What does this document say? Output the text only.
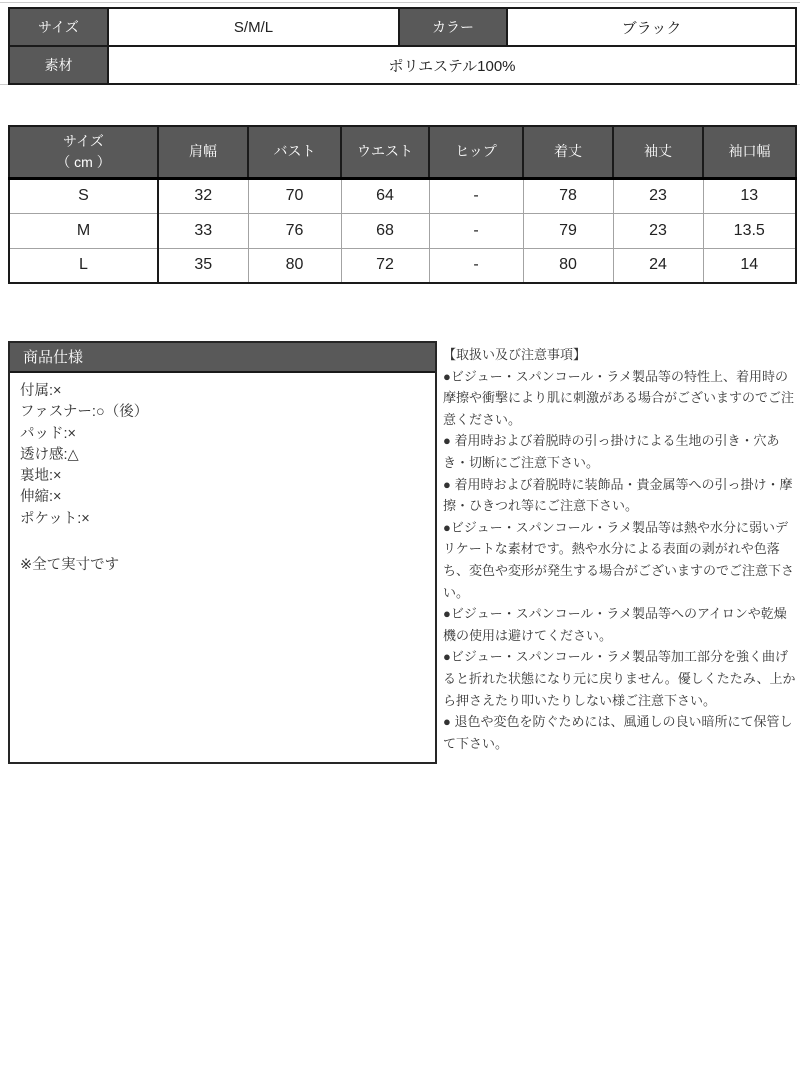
サイズ	S/M/L	カラー	ブラック
素材	ポリエステル100%		
サイズ
（ cm ）	肩幅	バスト	ウエスト	ヒップ	着丈	袖丈	袖口幅
S	32	70	64	-	78	23	13
M	33	76	68	-	79	23	13.5
L	35	80	72	-	80	24	14
商品仕様
付属:×
ファスナー:○（後）
パッド:×
透け感:△
裏地:×
伸縮:×
ポケット:×
※全て実寸です

【取扱い及び注意事項】

●ビジュー・スパンコール・ラメ製品等の特性上、着用時の摩擦や衝撃により肌に刺激がある場合がございますのでご注意ください。

● 着用時および着脱時の引っ掛けによる生地の引き・穴あき・切断にご注意下さい。

● 着用時および着脱時に装飾品・貴金属等への引っ掛け・摩擦・ひきつれ等にご注意下さい。

●ビジュー・スパンコール・ラメ製品等は熱や水分に弱いデリケートな素材です。熱や水分による表面の剥がれや色落ち、変色や変形が発生する場合がございますのでご注意下さい。

●ビジュー・スパンコール・ラメ製品等へのアイロンや乾燥機の使用は避けてください。

●ビジュー・スパンコール・ラメ製品等加工部分を強く曲げると折れた状態になり元に戻りません。優しくたたみ、上から押さえたり叩いたりしない様ご注意下さい。

● 退色や変色を防ぐためには、風通しの良い暗所にて保管して下さい。
